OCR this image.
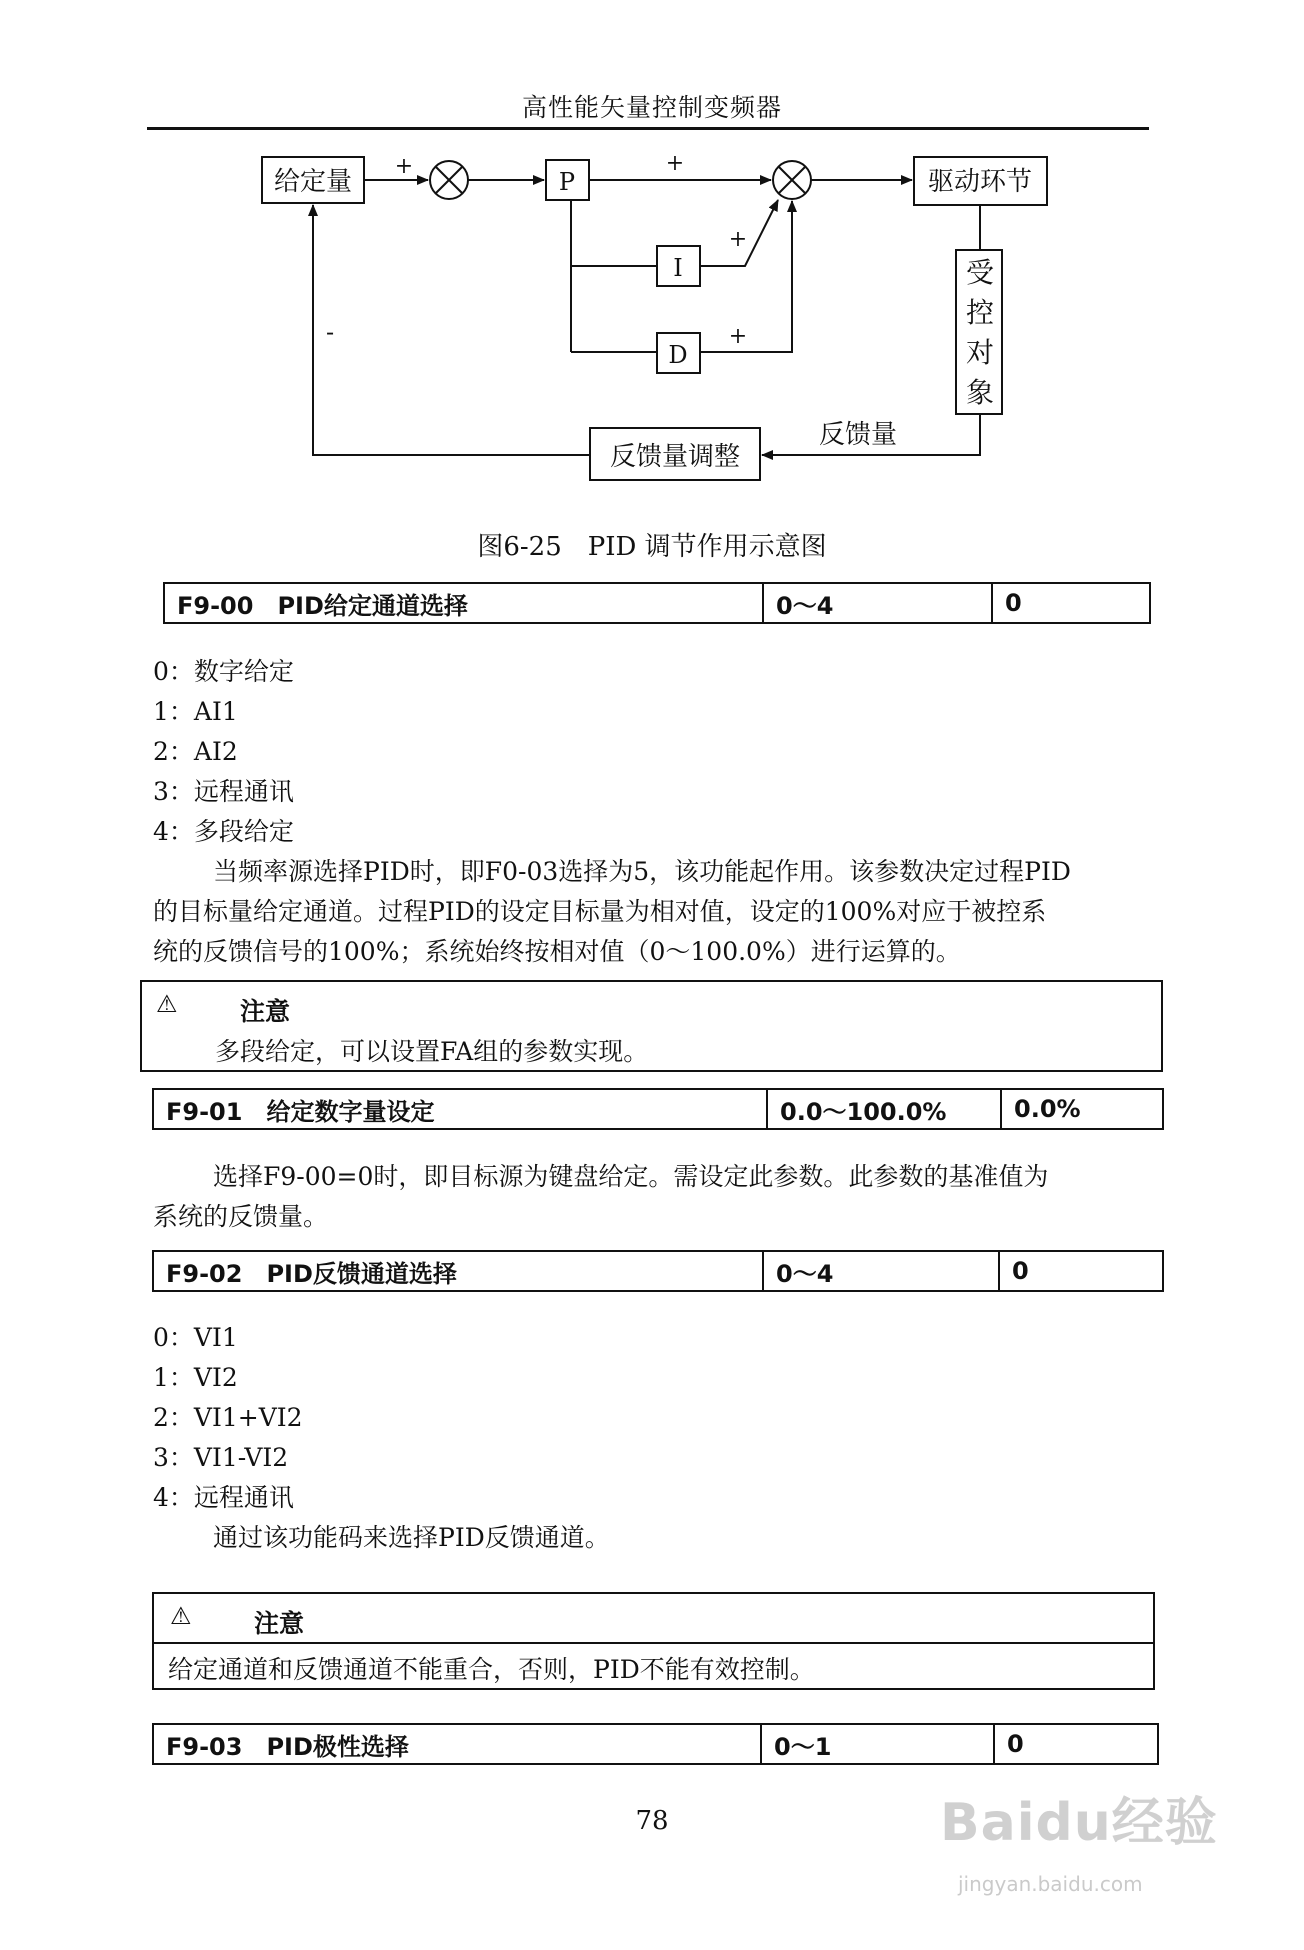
高性能矢量控制变频器
给定量	P
I
D
驱动环节
受
控
对
象
反馈量调整
反馈量
+	+
+
+
-
图6-25　PID 调节作用示意图
F9-00　PID给定通道选择	0～4	0
0：数字给定
1：AI1
2：AI2
3：远程通讯
4：多段给定
当频率源选择PID时，即F0-03选择为5，该功能起作用。该参数决定过程PID
的目标量给定通道。过程PID的设定目标量为相对值，设定的100%对应于被控系
统的反馈信号的100%；系统始终按相对值（0～100.0%）进行运算的。
⚠ 注意
多段给定，可以设置FA组的参数实现。
F9-01　给定数字量设定	0.0～100.0%	0.0%
选择F9-00=0时，即目标源为键盘给定。需设定此参数。此参数的基准值为
系统的反馈量。
F9-02　PID反馈通道选择	0～4	0
0：VI1
1：VI2
2：VI1+VI2
3：VI1-VI2
4：远程通讯
通过该功能码来选择PID反馈通道。
⚠ 注意
给定通道和反馈通道不能重合，否则，PID不能有效控制。
F9-03　PID极性选择	0～1	0
78	Baidu经验
jingyan.baidu.com
